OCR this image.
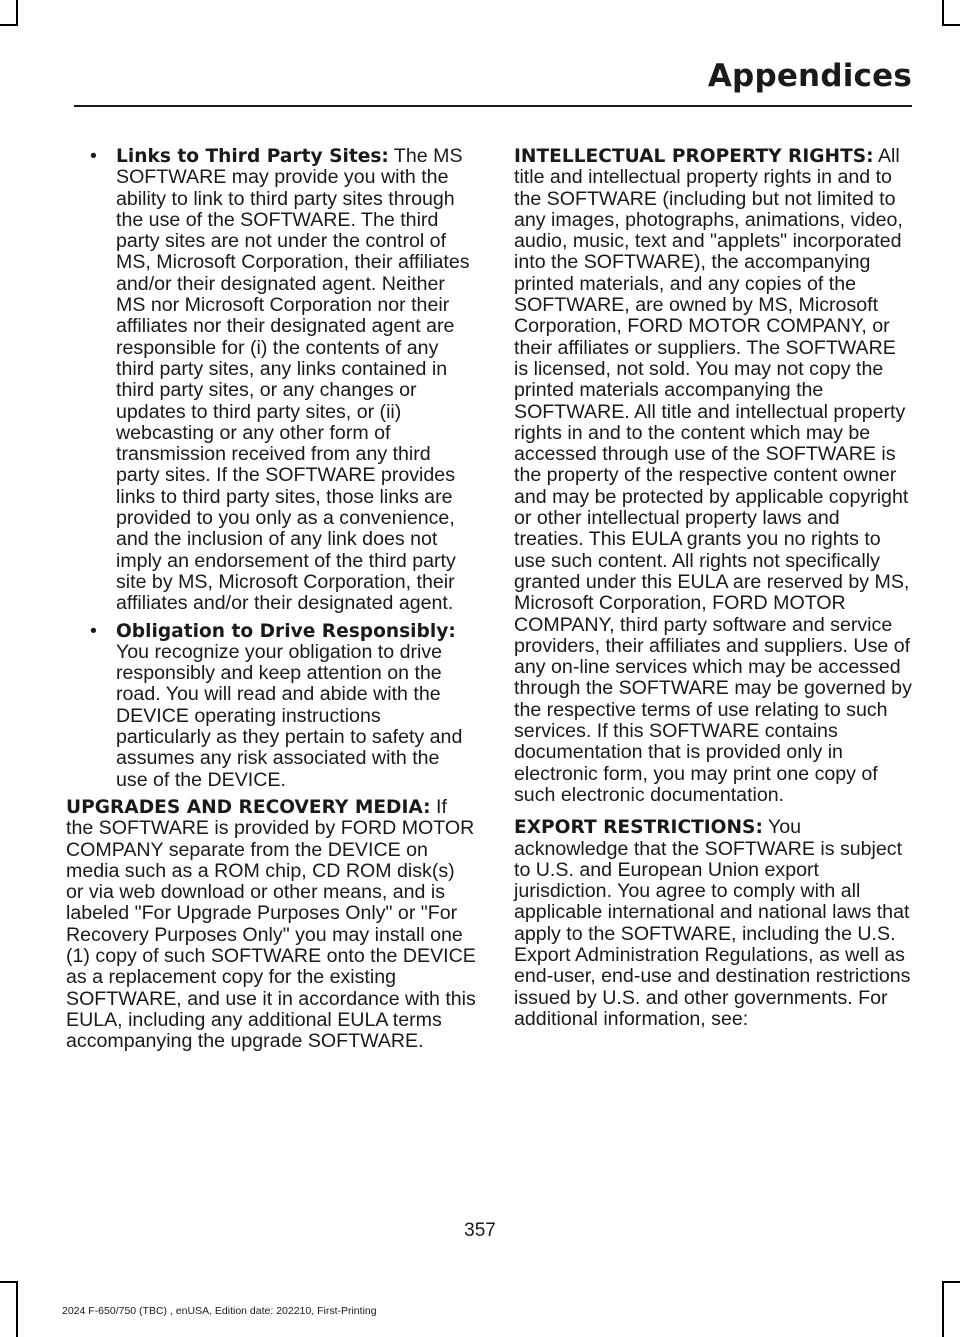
Appendices
• Links to Third Party Sites: The MS SOFTWARE may provide you with the ability to link to third party sites through the use of the SOFTWARE. The third party sites are not under the control of MS, Microsoft Corporation, their affiliates and/or their designated agent. Neither MS nor Microsoft Corporation nor their affiliates nor their designated agent are responsible for (i) the contents of any third party sites, any links contained in third party sites, or any changes or updates to third party sites, or (ii) webcasting or any other form of transmission received from any third party sites. If the SOFTWARE provides links to third party sites, those links are provided to you only as a convenience, and the inclusion of any link does not imply an endorsement of the third party site by MS, Microsoft Corporation, their affiliates and/or their designated agent.
• Obligation to Drive Responsibly: You recognize your obligation to drive responsibly and keep attention on the road. You will read and abide with the DEVICE operating instructions particularly as they pertain to safety and assumes any risk associated with the use of the DEVICE.

UPGRADES AND RECOVERY MEDIA: If the SOFTWARE is provided by FORD MOTOR COMPANY separate from the DEVICE on media such as a ROM chip, CD ROM disk(s) or via web download or other means, and is labeled "For Upgrade Purposes Only" or "For Recovery Purposes Only" you may install one (1) copy of such SOFTWARE onto the DEVICE as a replacement copy for the existing SOFTWARE, and use it in accordance with this EULA, including any additional EULA terms accompanying the upgrade SOFTWARE.

INTELLECTUAL PROPERTY RIGHTS: All title and intellectual property rights in and to the SOFTWARE (including but not limited to any images, photographs, animations, video, audio, music, text and "applets" incorporated into the SOFTWARE), the accompanying printed materials, and any copies of the SOFTWARE, are owned by MS, Microsoft Corporation, FORD MOTOR COMPANY, or their affiliates or suppliers. The SOFTWARE is licensed, not sold. You may not copy the printed materials accompanying the SOFTWARE. All title and intellectual property rights in and to the content which may be accessed through use of the SOFTWARE is the property of the respective content owner and may be protected by applicable copyright or other intellectual property laws and treaties. This EULA grants you no rights to use such content. All rights not specifically granted under this EULA are reserved by MS, Microsoft Corporation, FORD MOTOR COMPANY, third party software and service providers, their affiliates and suppliers. Use of any on-line services which may be accessed through the SOFTWARE may be governed by the respective terms of use relating to such services. If this SOFTWARE contains documentation that is provided only in electronic form, you may print one copy of such electronic documentation.

EXPORT RESTRICTIONS: You acknowledge that the SOFTWARE is subject to U.S. and European Union export jurisdiction. You agree to comply with all applicable international and national laws that apply to the SOFTWARE, including the U.S. Export Administration Regulations, as well as end-user, end-use and destination restrictions issued by U.S. and other governments. For additional information, see:

357
2024 F-650/750 (TBC) , enUSA, Edition date: 202210, First-Printing
